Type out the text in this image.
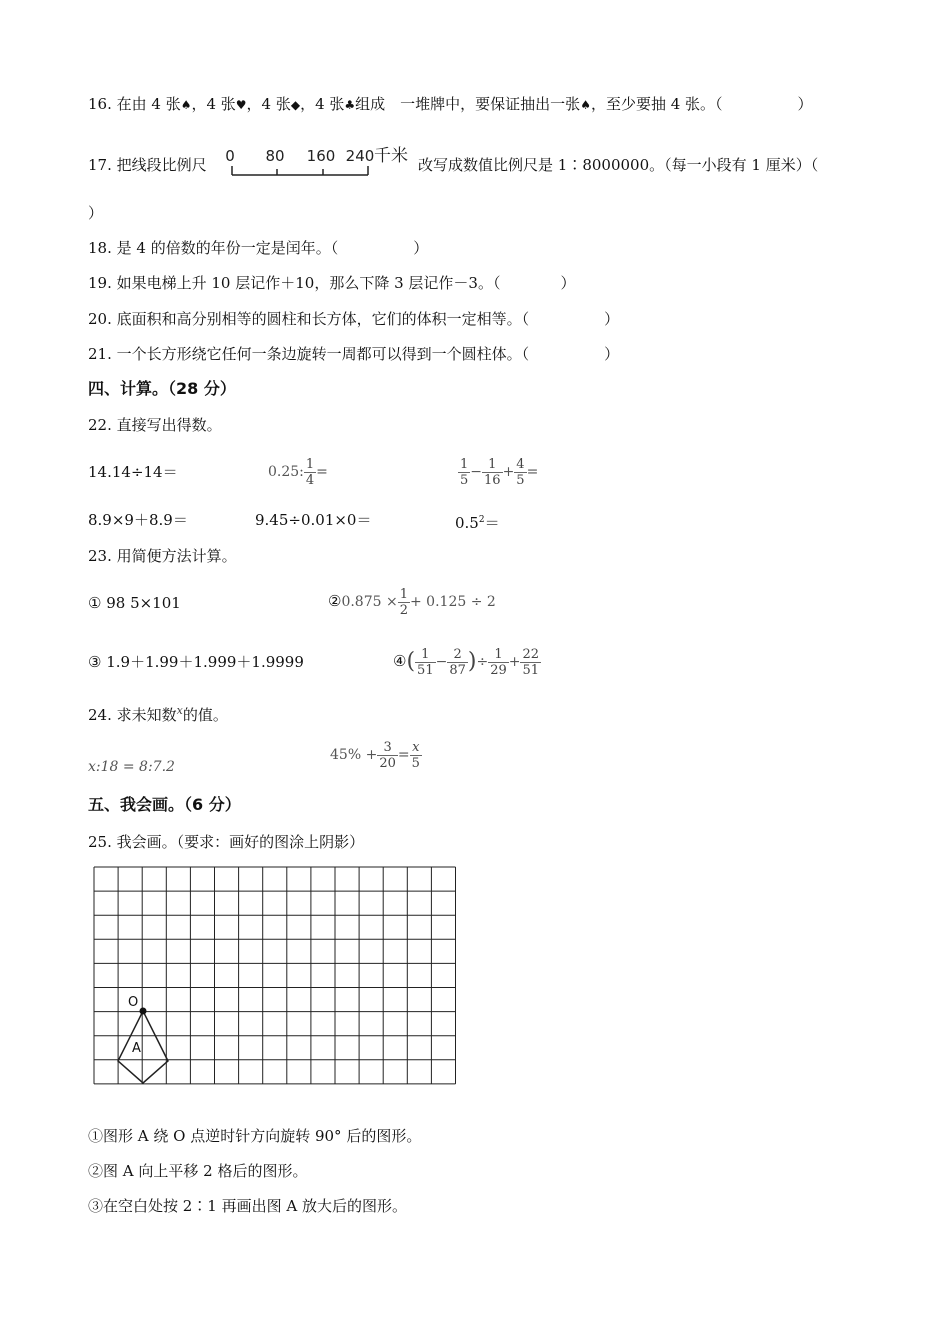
16. 在由 4 张♠，4 张♥，4 张◆，4 张♣组成　一堆牌中，要保证抽出一张♠，至少要抽 4 张。（　　　　　）
17. 把线段比例尺 0 80 160 240 千米 改写成数值比例尺是 1∶8000000。（每一小段有 1 厘米）（
）
18. 是 4 的倍数的年份一定是闰年。（　　　　　）
19. 如果电梯上升 10 层记作＋10，那么下降 3 层记作－3。（　　　　）
20. 底面积和高分别相等的圆柱和长方体，它们的体积一定相等。（　　　　　）
21. 一个长方形绕它任何一条边旋转一周都可以得到一个圆柱体。（　　　　　）
四、计算。（28 分）
22. 直接写出得数。
14.14÷14＝	0.25: $\frac{1}{4}$ =	$\frac{1}{5} - \frac{1}{16} + \frac{4}{5}$ =
8.9×9＋8.9＝	9.45÷0.01×0＝	$0.5^2=$
23. 用简便方法计算。
① 98 5×101	②0.875 × $\frac{1}{2} + 0.125 \div 2$
③ 1.9＋1.99＋1.999＋1.9999	④( $\frac{1}{51} - \frac{2}{87}$ )÷ $\frac{1}{29} + \frac{22}{51}$
24. 求未知数$^x$的值。
x:18 = 8:7.2
$45\% + \frac{3}{20} = \frac{x}{5}$
五、我会画。（6 分）
25. 我会画。（要求：画好的图涂上阴影）
O
A
①图形 A 绕 O 点逆时针方向旋转 90° 后的图形。
②图 A 向上平移 2 格后的图形。
③在空白处按 2∶1 再画出图 A 放大后的图形。
